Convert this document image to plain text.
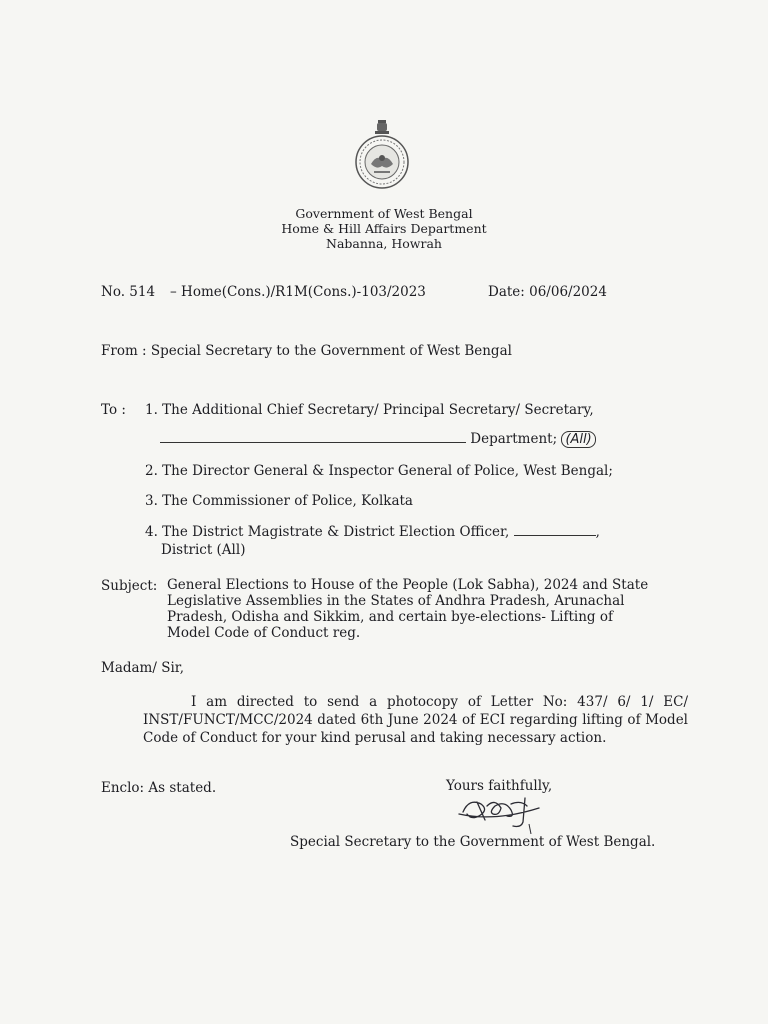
Government of West Bengal
Home & Hill Affairs Department
Nabanna, Howrah
No. 514 – Home(Cons.)/R1M(Cons.)-103/2023	Date: 06/06/2024
From : Special Secretary to the Government of West Bengal
To : 1. The Additional Chief Secretary/ Principal Secretary/ Secretary,
Department; (All)
2. The Director General & Inspector General of Police, West Bengal;
3. The Commissioner of Police, Kolkata
4. The District Magistrate & District Election Officer,	,
District (All)
Subject: General Elections to House of the People (Lok Sabha), 2024 and State
Legislative Assemblies in the States of Andhra Pradesh, Arunachal
Pradesh, Odisha and Sikkim, and certain bye-elections- Lifting of
Model Code of Conduct reg.
Madam/ Sir,
I am directed to send a photocopy of Letter No: 437/ 6/ 1/ EC/ INST/FUNCT/MCC/2024 dated 6th June 2024 of ECI regarding lifting of Model Code of Conduct for your kind perusal and taking necessary action.
Enclo: As stated.	Yours faithfully,
Special Secretary to the Government of West Bengal.
